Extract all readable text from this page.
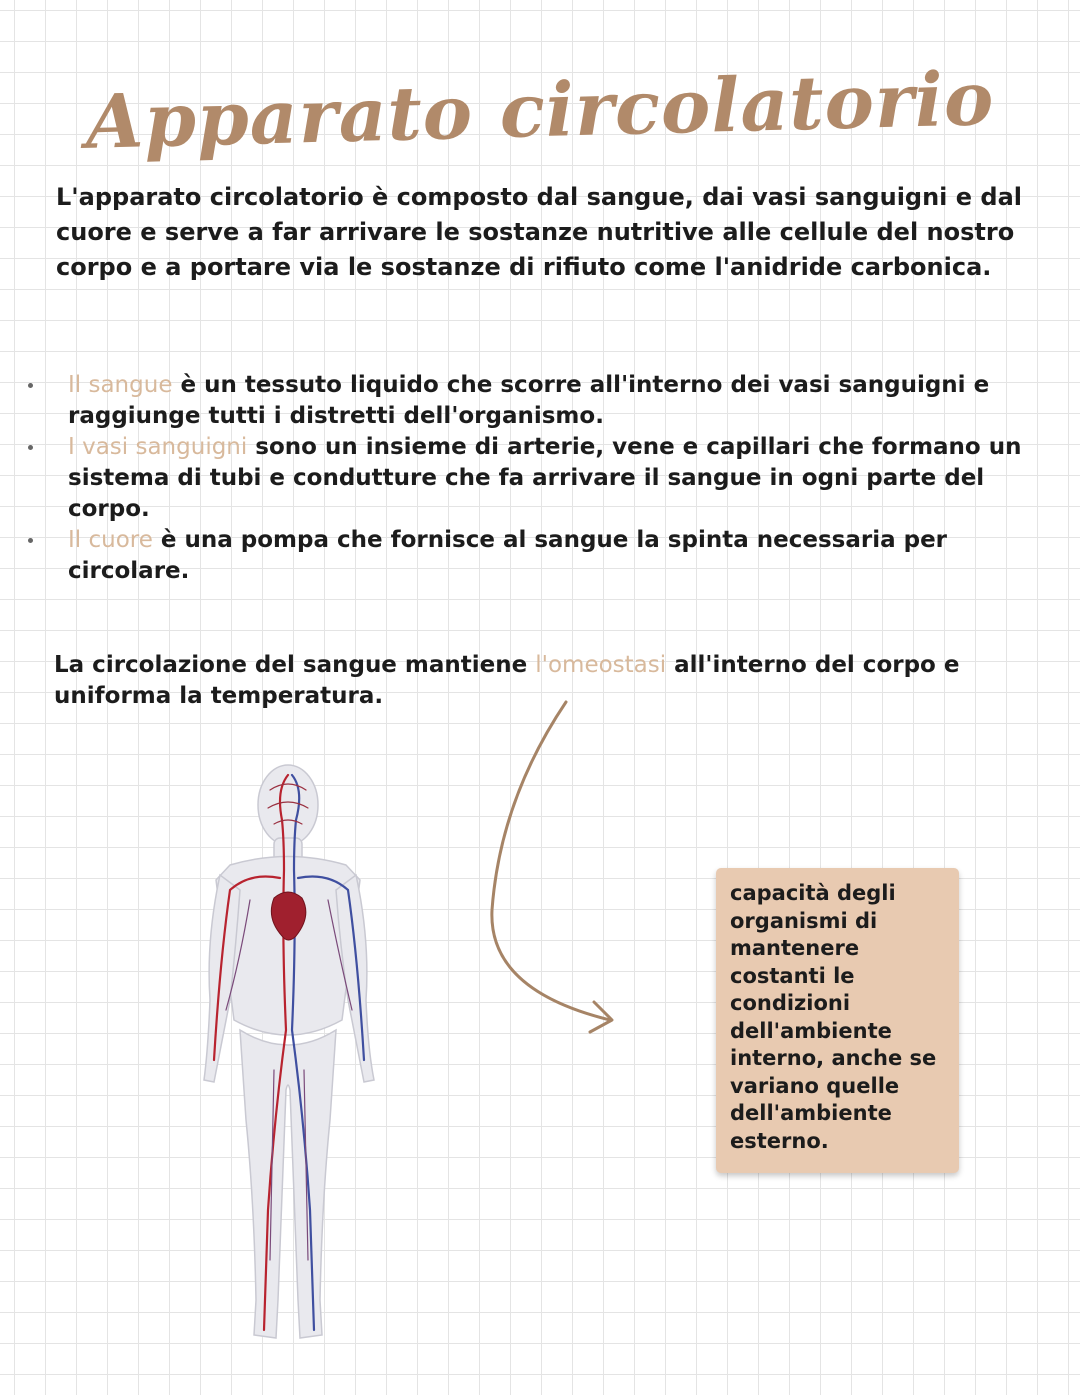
Apparato circolatorio

L'apparato circolatorio è composto dal sangue, dai vasi sanguigni e dal cuore e serve a far arrivare le sostanze nutritive alle cellule del nostro corpo e a portare via le sostanze di rifiuto come l'anidride carbonica.

Il sangue è un tessuto liquido che scorre all'interno dei vasi sanguigni e raggiunge tutti i distretti dell'organismo.
I vasi sanguigni sono un insieme di arterie, vene e capillari che formano un sistema di tubi e condutture che fa arrivare il sangue in ogni parte del corpo.
Il cuore è una pompa che fornisce al sangue la spinta necessaria per circolare.

La circolazione del sangue mantiene l'omeostasi all'interno del corpo e uniforma la temperatura.

capacità degli organismi di mantenere costanti le condizioni dell'ambiente interno, anche se variano quelle dell'ambiente esterno.
